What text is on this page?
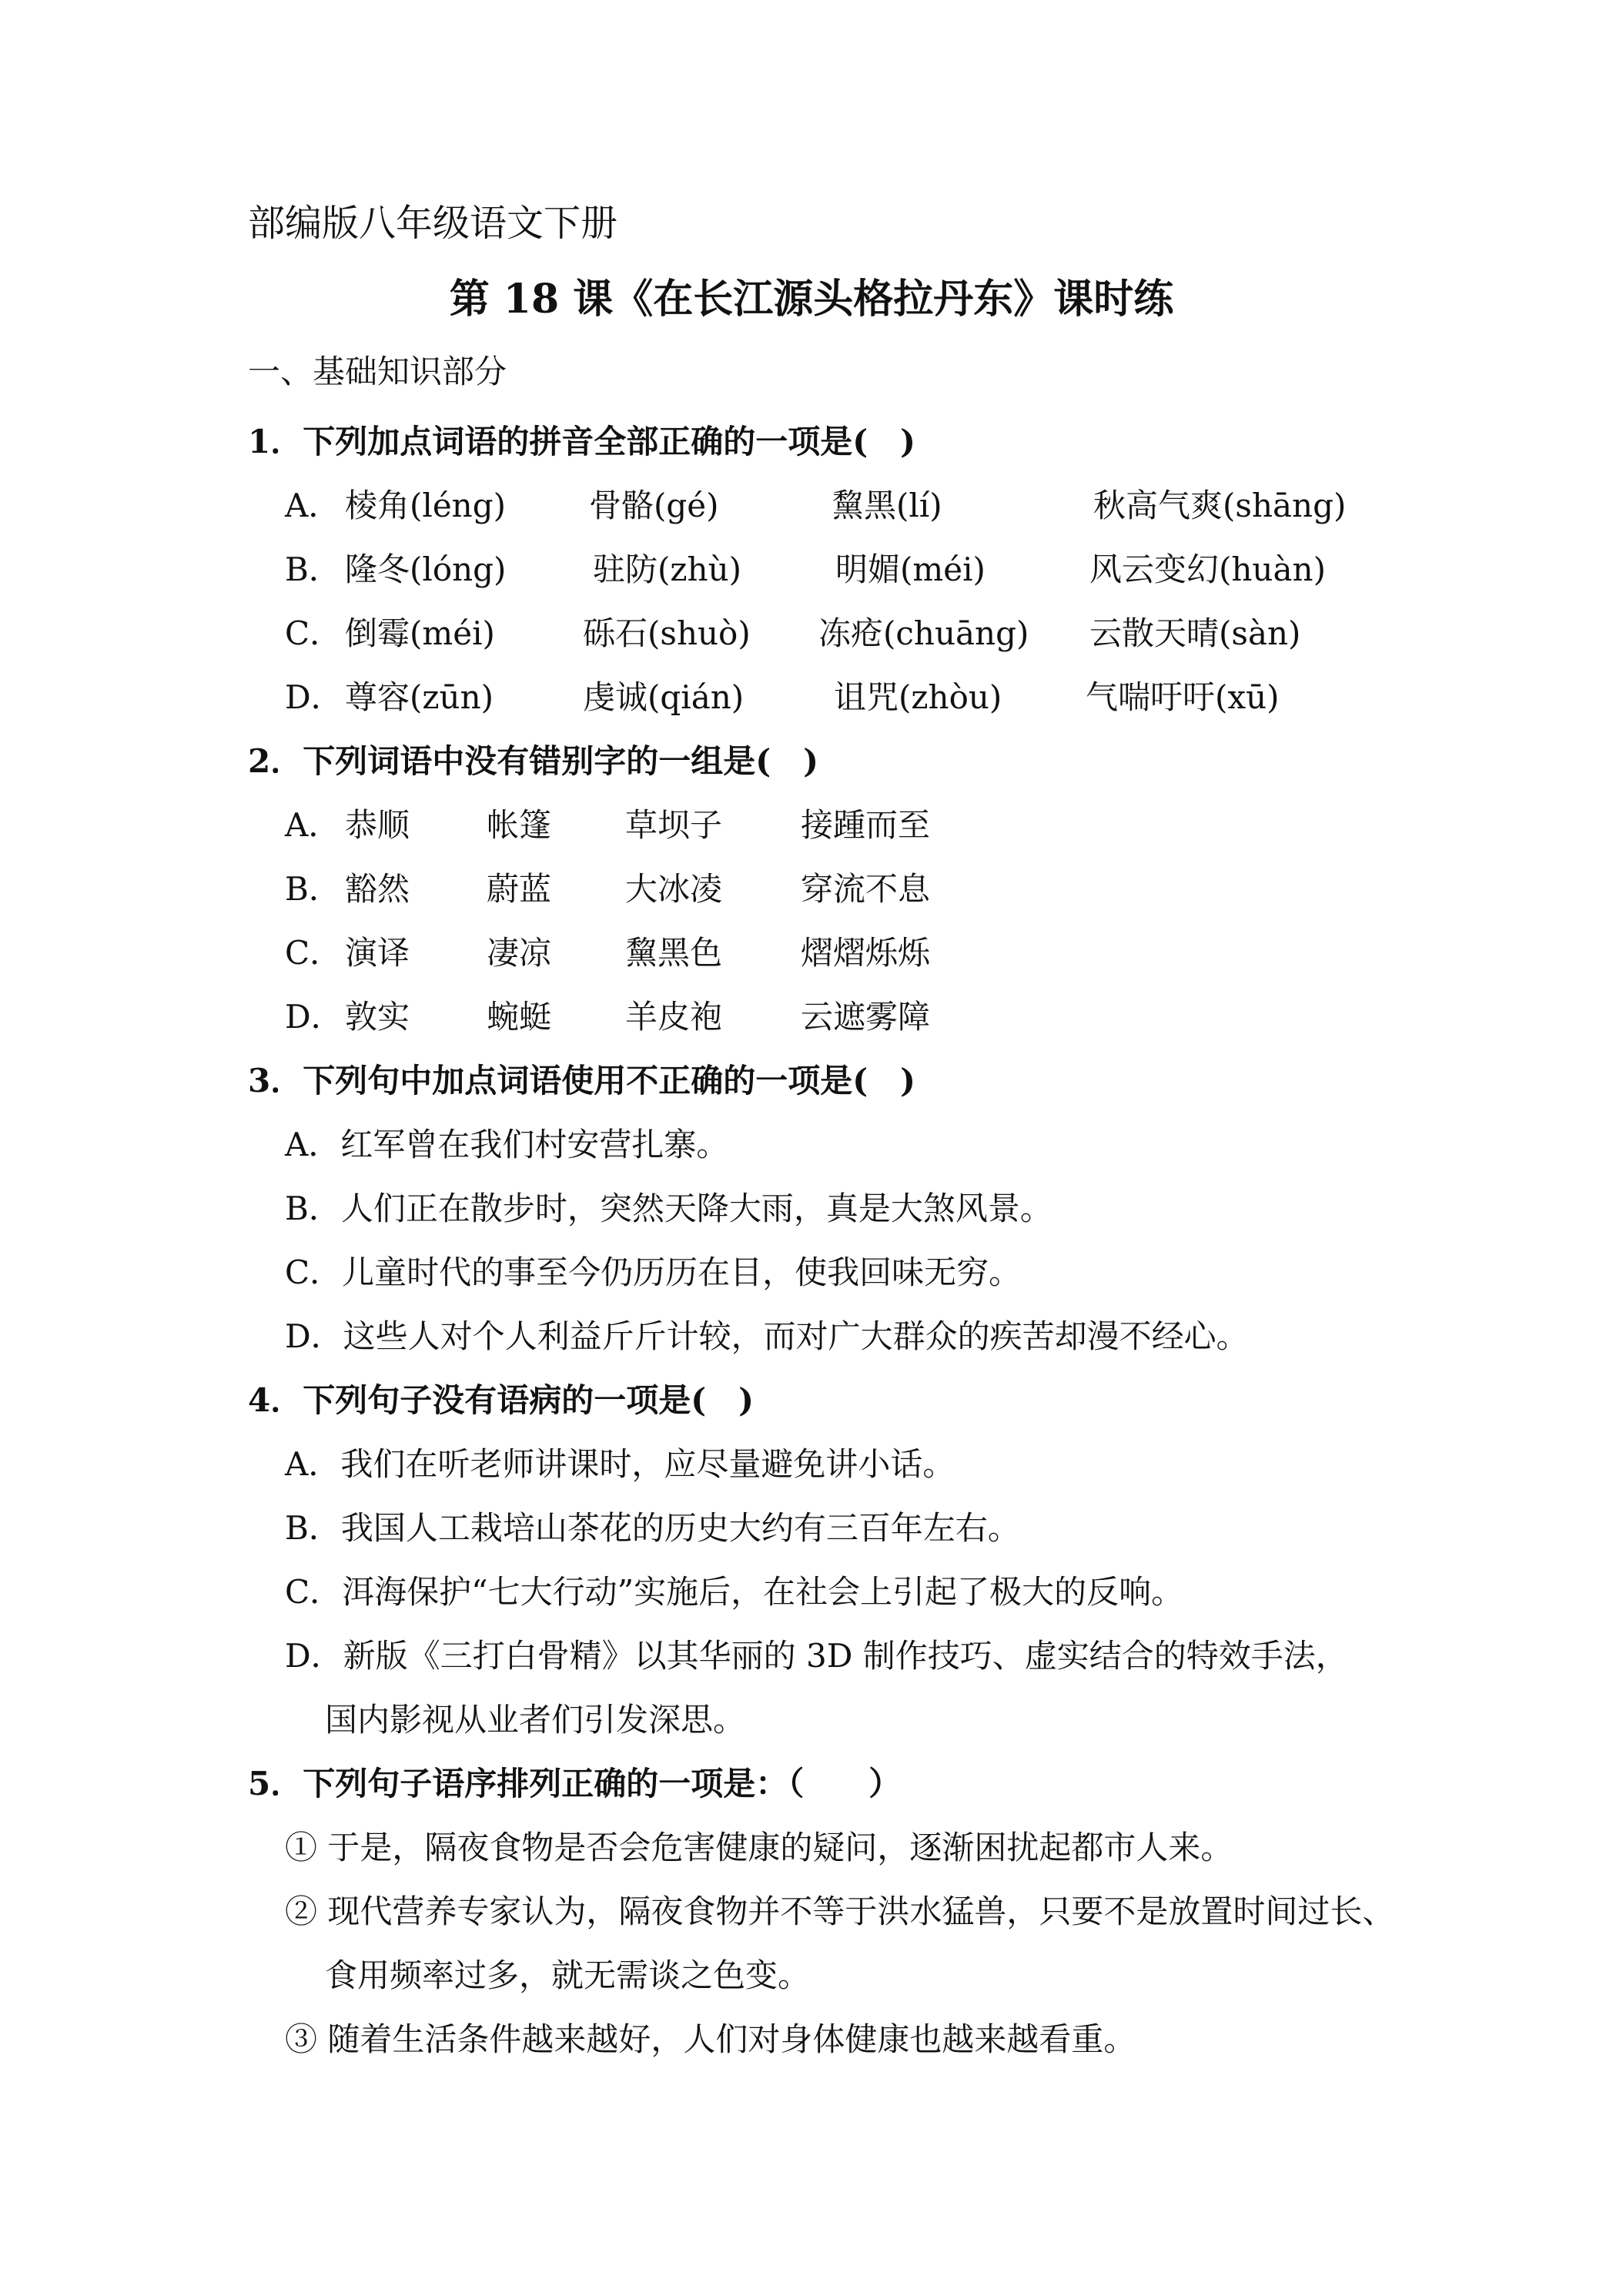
部编版八年级语文下册
第 18 课《在长江源头格拉丹东》课时练
一、基础知识部分
1．下列加点词语的拼音全部正确的一项是(　)
A． 棱角(léng)	骨骼(gé)	黧黑(lí)	秋高气爽(shāng)
B． 隆冬(lóng)	驻防(zhù)	明媚(méi)	风云变幻(huàn)
C． 倒霉(méi)	砾石(shuò) 冻疮(chuāng) 云散天晴(sàn)
D． 尊容(zūn)	虔诚(qián)	诅咒(zhòu)	气喘吁吁(xū)
2．下列词语中没有错别字的一组是(　)
A． 恭顺 帐篷 草坝子 接踵而至
B． 豁然 蔚蓝 大冰凌 穿流不息
C． 演译 凄凉 黧黑色 熠熠烁烁
D． 敦实 蜿蜓 羊皮袍 云遮雾障
3．下列句中加点词语使用不正确的一项是(　)
A．红军曾在我们村安营扎寨。
B．人们正在散步时，突然天降大雨，真是大煞风景。
C．儿童时代的事至今仍历历在目，使我回味无穷。
D．这些人对个人利益斤斤计较，而对广大群众的疾苦却漫不经心。
4．下列句子没有语病的一项是(　)
A．我们在听老师讲课时，应尽量避免讲小话。
B．我国人工栽培山茶花的历史大约有三百年左右。
C．洱海保护“七大行动”实施后，在社会上引起了极大的反响。
D．新版《三打白骨精》以其华丽的 3D 制作技巧、虚实结合的特效手法，
国内影视从业者们引发深思。
5．下列句子语序排列正确的一项是：（　　）
① 于是，隔夜食物是否会危害健康的疑问，逐渐困扰起都市人来。
② 现代营养专家认为，隔夜食物并不等于洪水猛兽，只要不是放置时间过长、
食用频率过多，就无需谈之色变。
③ 随着生活条件越来越好，人们对身体健康也越来越看重。
